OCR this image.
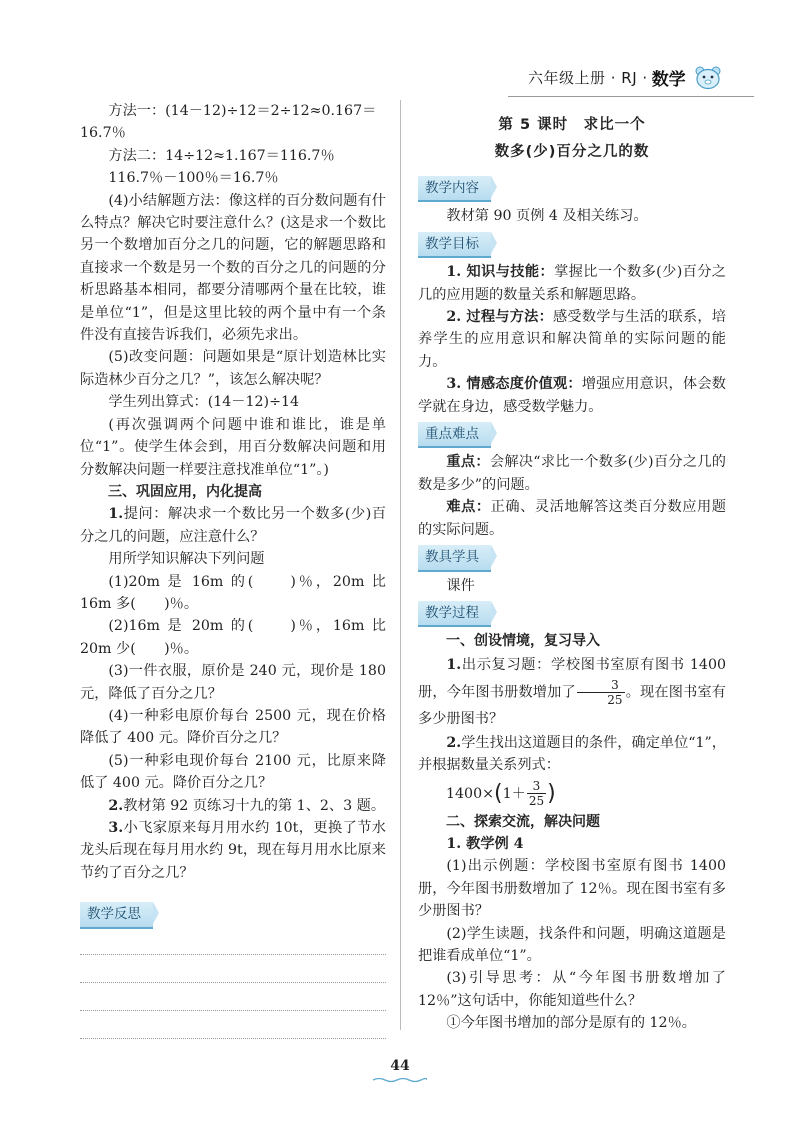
六年级上册 · RJ · 数学

方法一：(14－12)÷12＝2÷12≈0.167＝

16.7％

方法二：14÷12≈1.167＝116.7％

116.7％－100％＝16.7％

(4)小结解题方法：像这样的百分数问题有什么特点？解决它时要注意什么？(这是求一个数比另一个数增加百分之几的问题，它的解题思路和直接求一个数是另一个数的百分之几的问题的分析思路基本相同，都要分清哪两个量在比较，谁是单位“1”，但是这里比较的两个量中有一个条件没有直接告诉我们，必须先求出。

(5)改变问题：问题如果是“原计划造林比实际造林少百分之几？”，该怎么解决呢？

学生列出算式：(14－12)÷14

(再次强调两个问题中谁和谁比，谁是单位“1”。使学生体会到，用百分数解决问题和用分数解决问题一样要注意找准单位“1”。)

三、巩固应用，内化提高

1.提问：解决求一个数比另一个数多(少)百分之几的问题，应注意什么？

用所学知识解决下列问题

(1)20m 是 16m 的(　　)％，20m 比 16m 多(　　)％。

(2)16m 是 20m 的(　　)％，16m 比 20m 少(　　)％。

(3)一件衣服，原价是 240 元，现价是 180 元，降低了百分之几？

(4)一种彩电原价每台 2500 元，现在价格降低了 400 元。降价百分之几？

(5)一种彩电现价每台 2100 元，比原来降低了 400 元。降价百分之几？

2.教材第 92 页练习十九的第 1、2、3 题。

3.小飞家原来每月用水约 10t，更换了节水龙头后现在每月用水约 9t，现在每月用水比原来节约了百分之几？

教学反思
第 5 课时　求比一个
数多(少)百分之几的数
教学内容

教材第 90 页例 4 及相关练习。

教学目标

1. 知识与技能：掌握比一个数多(少)百分之几的应用题的数量关系和解题思路。

2. 过程与方法：感受数学与生活的联系，培养学生的应用意识和解决简单的实际问题的能力。

3. 情感态度价值观：增强应用意识，体会数学就在身边，感受数学魅力。

重点难点

重点：会解决“求比一个数多(少)百分之几的数是多少”的问题。

难点：正确、灵活地解答这类百分数应用题的实际问题。

教具学具

课件

教学过程

一、创设情境，复习导入

1.出示复习题：学校图书室原有图书 1400 册，今年图书册数增加了 $\frac{3}{25}$ 。现在图书室有多少册图书？

2.学生找出这道题目的条件，确定单位“1”，并根据数量关系列式：

$1400\times(1+ \frac{3}{25}$ )

二、探索交流，解决问题

1. 教学例 4

(1)出示例题：学校图书室原有图书 1400 册，今年图书册数增加了 12％。现在图书室有多少册图书？

(2)学生读题，找条件和问题，明确这道题是把谁看成单位“1”。

(3)引导思考：从“今年图书册数增加了 12％”这句话中，你能知道些什么？

①今年图书增加的部分是原有的 12％。

44
